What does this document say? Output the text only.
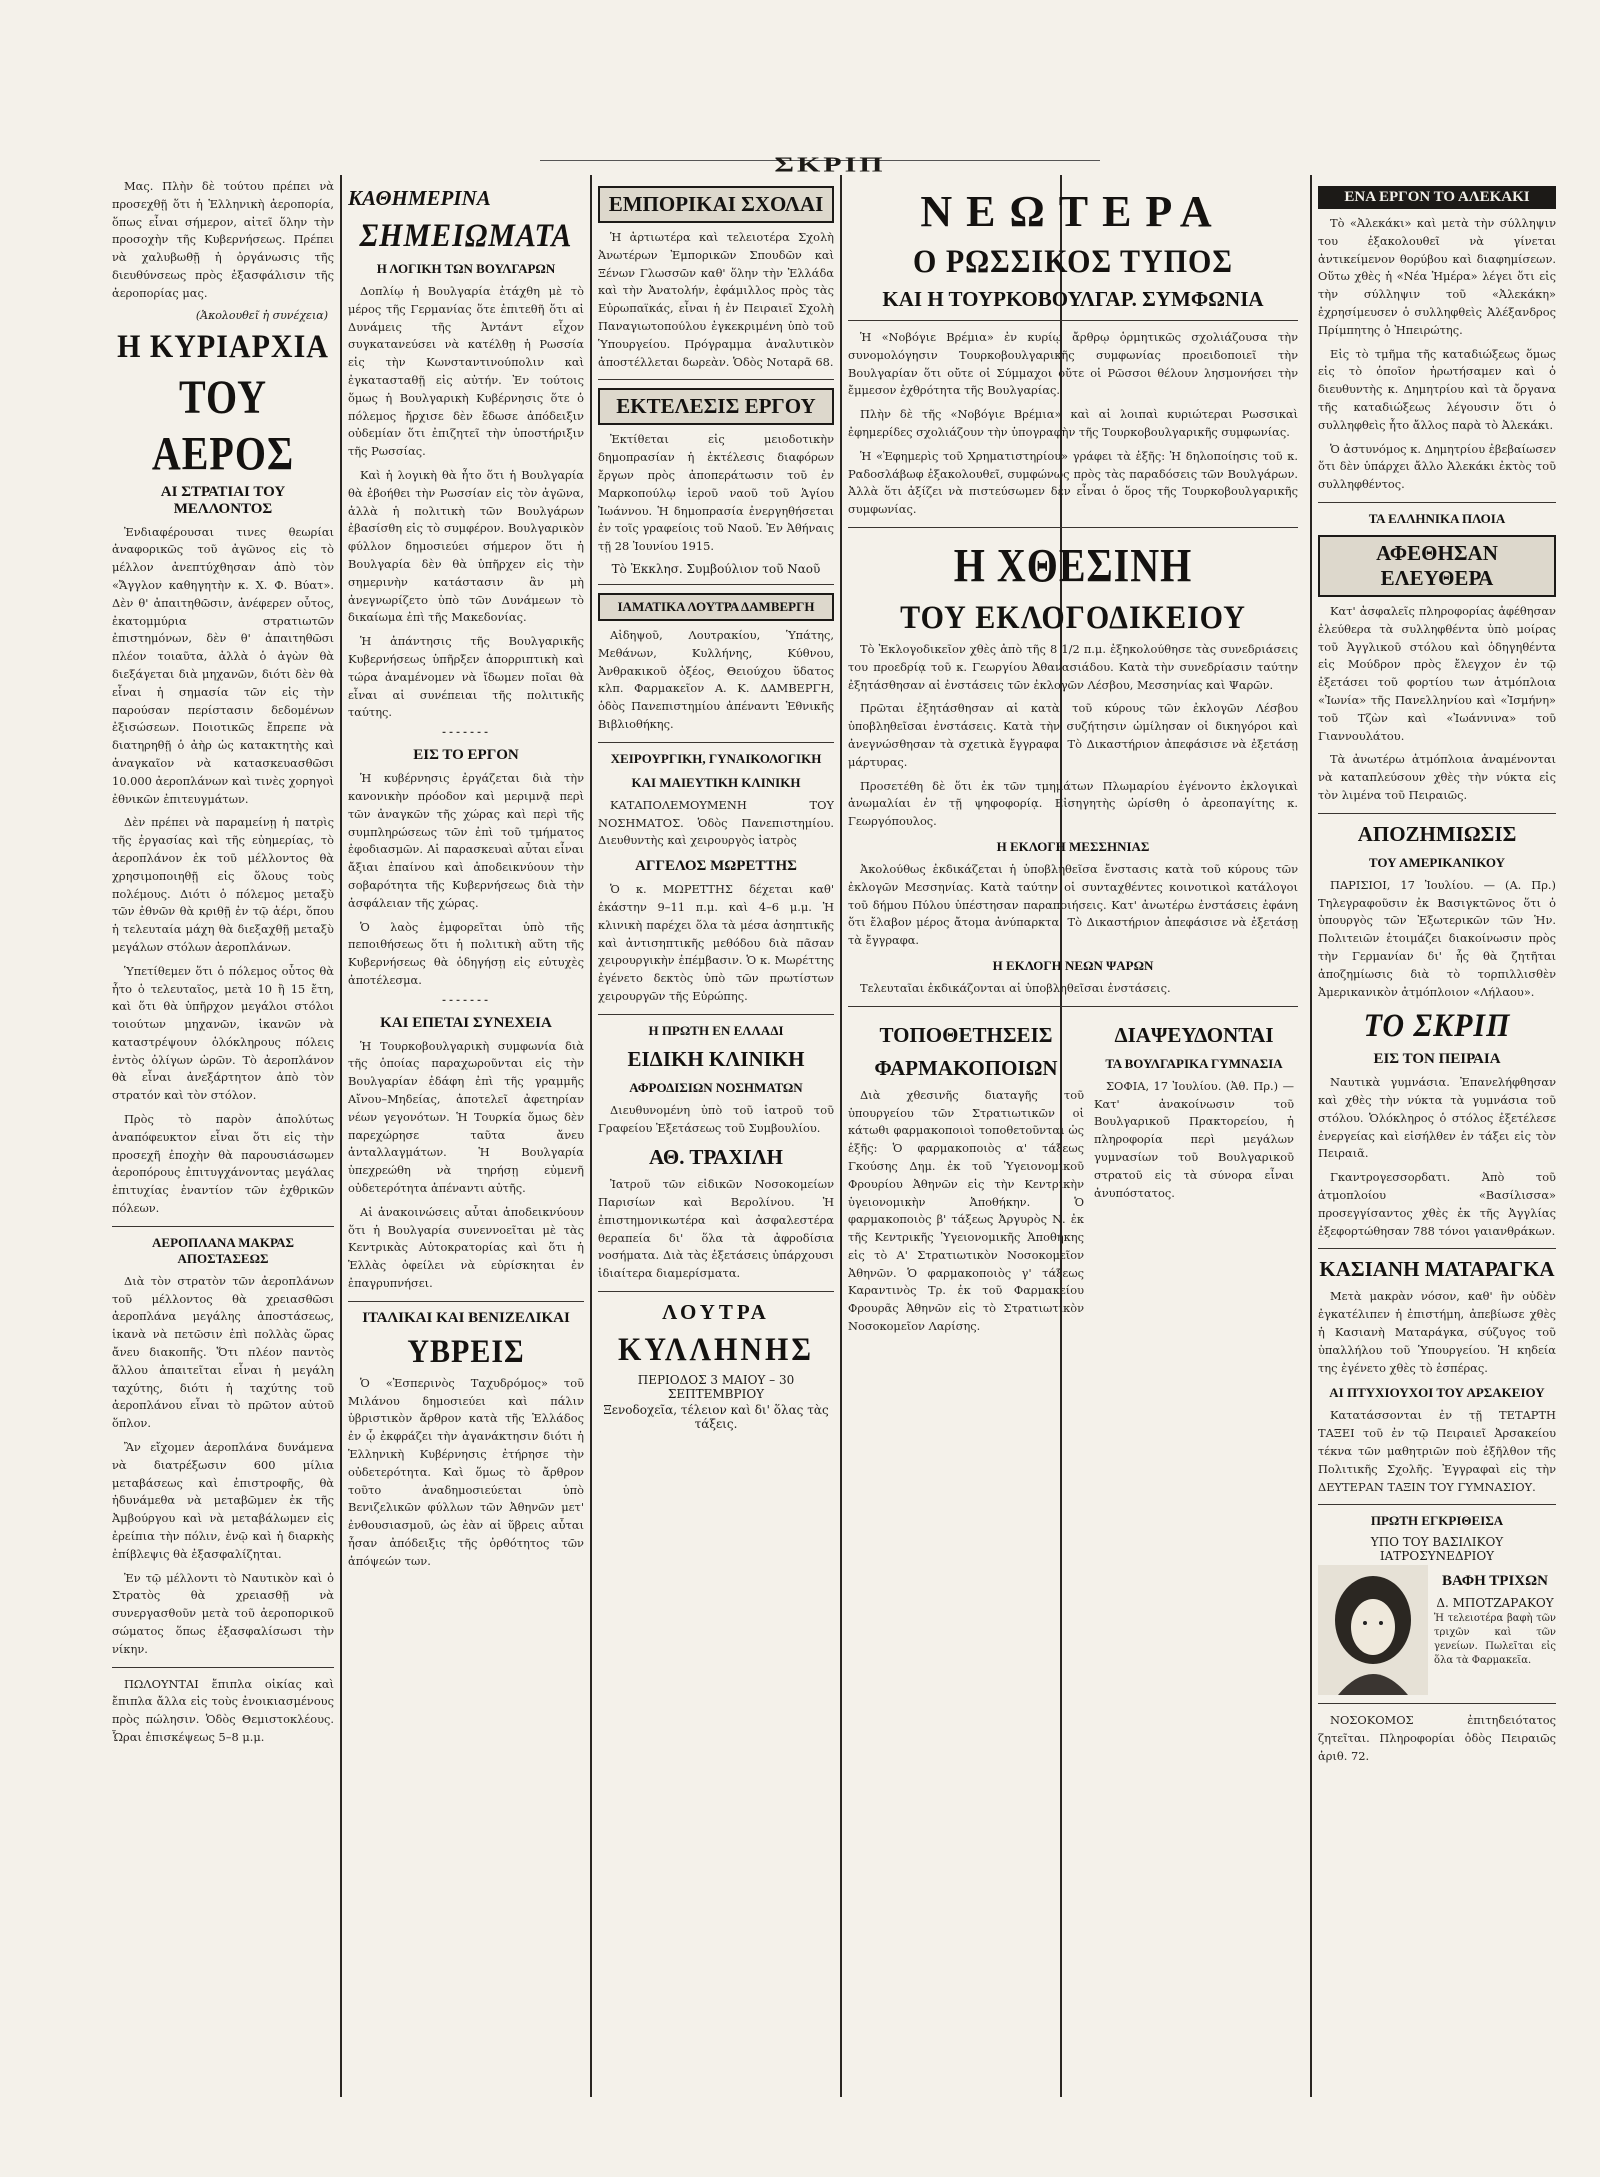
ΣΚΡΙΠ

Μας. Πλὴν δὲ τούτου πρέπει νὰ προσεχθῇ ὅτι ἡ Ἑλληνικὴ ἀεροπορία, ὅπως εἶναι σήμερον, αἰτεῖ ὅλην τὴν προσοχὴν τῆς Κυβερνήσεως. Πρέπει νὰ χαλυβωθῇ ἡ ὀργάνωσις τῆς διευθύνσεως πρὸς ἐξασφάλισιν τῆς ἀεροπορίας μας.

(Ἀκολουθεῖ ἡ συνέχεια)
Η ΚΥΡΙΑΡΧΙΑ
ΤΟΥ ΑΕΡΟΣ
ΑΙ ΣΤΡΑΤΙΑΙ ΤΟΥ ΜΕΛΛΟΝΤΟΣ

Ἐνδιαφέρουσαι τινες θεωρίαι ἀναφορικῶς τοῦ ἀγῶνος εἰς τὸ μέλλον ἀνεπτύχθησαν ἀπὸ τὸν «Ἄγγλον καθηγητὴν κ. Χ. Φ. Βύατ». Δὲν θ' ἀπαιτηθῶσιν, ἀνέφερεν οὗτος, ἐκατομμύρια στρατιωτῶν ἐπιστημόνων, δὲν θ' ἀπαιτηθῶσι πλέον τοιαῦτα, ἀλλὰ ὁ ἀγὼν θὰ διεξάγεται διὰ μηχανῶν, διότι δὲν θὰ εἶναι ἡ σημασία τῶν εἰς τὴν παρούσαν περίστασιν δεδομένων ἐξισώσεων. Ποιοτικῶς ἔπρεπε νὰ διατηρηθῇ ὁ ἀὴρ ὡς κατακτητὴς καὶ ἀναγκαῖον νὰ κατασκευασθῶσι 10.000 ἀεροπλάνων καὶ τινὲς χορηγοὶ ἐθνικῶν ἐπιτευγμάτων.

Δὲν πρέπει νὰ παραμείνῃ ἡ πατρὶς τῆς ἐργασίας καὶ τῆς εὐημερίας, τὸ ἀεροπλάνον ἐκ τοῦ μέλλοντος θὰ χρησιμοποιηθῇ εἰς ὅλους τοὺς πολέμους. Διότι ὁ πόλεμος μεταξὺ τῶν ἐθνῶν θὰ κριθῇ ἐν τῷ ἀέρι, ὅπου ἡ τελευταία μάχη θὰ διεξαχθῇ μεταξὺ μεγάλων στόλων ἀεροπλάνων.

Ὑπετίθεμεν ὅτι ὁ πόλεμος οὗτος θὰ ἦτο ὁ τελευταῖος, μετὰ 10 ἢ 15 ἔτη, καὶ ὅτι θὰ ὑπῆρχον μεγάλοι στόλοι τοιούτων μηχανῶν, ἱκανῶν νὰ καταστρέψουν ὁλόκληρους πόλεις ἐντὸς ὀλίγων ὡρῶν. Τὸ ἀεροπλάνον θὰ εἶναι ἀνεξάρτητον ἀπὸ τὸν στρατόν καὶ τὸν στόλον.

Πρὸς τὸ παρὸν ἀπολύτως ἀναπόφευκτον εἶναι ὅτι εἰς τὴν προσεχῆ ἐποχὴν θὰ παρουσιάσωμεν ἀεροπόρους ἐπιτυγχάνοντας μεγάλας ἐπιτυχίας ἐναντίον τῶν ἐχθρικῶν πόλεων.

ΑΕΡΟΠΛΑΝΑ ΜΑΚΡΑΣ ΑΠΟΣΤΑΣΕΩΣ

Διὰ τὸν στρατὸν τῶν ἀεροπλάνων τοῦ μέλλοντος θὰ χρειασθῶσι ἀεροπλάνα μεγάλης ἀποστάσεως, ἱκανὰ νὰ πετῶσιν ἐπὶ πολλὰς ὥρας ἄνευ διακοπῆς. Ὅτι πλέον παντὸς ἄλλου ἀπαιτεῖται εἶναι ἡ μεγάλη ταχύτης, διότι ἡ ταχύτης τοῦ ἀεροπλάνου εἶναι τὸ πρῶτον αὐτοῦ ὅπλον.

Ἂν εἴχομεν ἀεροπλάνα δυνάμενα νὰ διατρέξωσιν 600 μίλια μεταβάσεως καὶ ἐπιστροφῆς, θὰ ἠδυνάμεθα νὰ μεταβῶμεν ἐκ τῆς Ἀμβούργου καὶ νὰ μεταβάλωμεν εἰς ἐρείπια τὴν πόλιν, ἐνῷ καὶ ἡ διαρκὴς ἐπίβλεψις θὰ ἐξασφαλίζηται.

Ἐν τῷ μέλλοντι τὸ Ναυτικὸν καὶ ὁ Στρατὸς θὰ χρειασθῇ νὰ συνεργασθοῦν μετὰ τοῦ ἀεροπορικοῦ σώματος ὅπως ἐξασφαλίσωσι τὴν νίκην.

ΠΩΛΟΥΝΤΑΙ ἔπιπλα οἰκίας καὶ ἔπιπλα ἄλλα εἰς τοὺς ἐνοικιασμένους πρὸς πώλησιν. Ὁδὸς Θεμιστοκλέους. Ὧραι ἐπισκέψεως 5–8 μ.μ.

ΚΑΘΗΜΕΡΙΝΑ
ΣΗΜΕΙΩΜΑΤΑ
Η ΛΟΓΙΚΗ ΤΩΝ ΒΟΥΛΓΑΡΩΝ

Δοπλίῳ ἡ Βουλγαρία ἐτάχθη μὲ τὸ μέρος τῆς Γερμανίας ὅτε ἐπιτεθῆ ὅτι αἱ Δυνάμεις τῆς Ἀντάντ εἶχον συγκατανεύσει νὰ κατέλθῃ ἡ Ρωσσία εἰς τὴν Κωνσταντινούπολιν καὶ ἐγκατασταθῇ εἰς αὐτήν. Ἐν τούτοις ὅμως ἡ Βουλγαρικὴ Κυβέρνησις ὅτε ὁ πόλεμος ἤρχισε δὲν ἔδωσε ἀπόδειξιν οὐδεμίαν ὅτι ἐπιζητεῖ τὴν ὑποστήριξιν τῆς Ρωσσίας.

Καὶ ἡ λογικὴ θὰ ἦτο ὅτι ἡ Βουλγαρία θὰ ἐβοήθει τὴν Ρωσσίαν εἰς τὸν ἀγῶνα, ἀλλὰ ἡ πολιτικὴ τῶν Βουλγάρων ἐβασίσθη εἰς τὸ συμφέρον. Βουλγαρικὸν φύλλον δημοσιεύει σήμερον ὅτι ἡ Βουλγαρία δὲν θὰ ὑπῆρχεν εἰς τὴν σημερινὴν κατάστασιν ἂν μὴ ἀνεγνωρίζετο ὑπὸ τῶν Δυνάμεων τὸ δικαίωμα ἐπὶ τῆς Μακεδονίας.

Ἡ ἀπάντησις τῆς Βουλγαρικῆς Κυβερνήσεως ὑπῆρξεν ἀπορριπτικὴ καὶ τώρα ἀναμένομεν νὰ ἴδωμεν ποῖαι θὰ εἶναι αἱ συνέπειαι τῆς πολιτικῆς ταύτης.

⁃⁃⁃⁃⁃⁃⁃
ΕΙΣ ΤΟ ΕΡΓΟΝ

Ἡ κυβέρνησις ἐργάζεται διὰ τὴν κανονικὴν πρόοδον καὶ μεριμνᾷ περὶ τῶν ἀναγκῶν τῆς χώρας καὶ περὶ τῆς συμπληρώσεως τῶν ἐπὶ τοῦ τμήματος ἐφοδιασμῶν. Αἱ παρασκευαὶ αὗται εἶναι ἄξιαι ἐπαίνου καὶ ἀποδεικνύουν τὴν σοβαρότητα τῆς Κυβερνήσεως διὰ τὴν ἀσφάλειαν τῆς χώρας.

Ὁ λαὸς ἐμφορεῖται ὑπὸ τῆς πεποιθήσεως ὅτι ἡ πολιτικὴ αὕτη τῆς Κυβερνήσεως θὰ ὁδηγήσῃ εἰς εὐτυχὲς ἀποτέλεσμα.

⁃⁃⁃⁃⁃⁃⁃
ΚΑΙ ΕΠΕΤΑΙ ΣΥΝΕΧΕΙΑ

Ἡ Τουρκοβουλγαρικὴ συμφωνία διὰ τῆς ὁποίας παραχωροῦνται εἰς τὴν Βουλγαρίαν ἐδάφη ἐπὶ τῆς γραμμῆς Αἴνου–Μηδείας, ἀποτελεῖ ἀφετηρίαν νέων γεγονότων. Ἡ Τουρκία ὅμως δὲν παρεχώρησε ταῦτα ἄνευ ἀνταλλαγμάτων. Ἡ Βουλγαρία ὑπεχρεώθη νὰ τηρήσῃ εὐμενῆ οὐδετερότητα ἀπέναντι αὐτῆς.

Αἱ ἀνακοινώσεις αὗται ἀποδεικνύουν ὅτι ἡ Βουλγαρία συνεννοεῖται μὲ τὰς Κεντρικὰς Αὐτοκρατορίας καὶ ὅτι ἡ Ἑλλὰς ὀφείλει νὰ εὑρίσκηται ἐν ἐπαγρυπνήσει.

ΙΤΑΛΙΚΑΙ ΚΑΙ ΒΕΝΙΖΕΛΙΚΑΙ
ΥΒΡΕΙΣ

Ὁ «Ἑσπερινὸς Ταχυδρόμος» τοῦ Μιλάνου δημοσιεύει καὶ πάλιν ὑβριστικὸν ἄρθρον κατὰ τῆς Ἑλλάδος ἐν ᾧ ἐκφράζει τὴν ἀγανάκτησιν διότι ἡ Ἑλληνικὴ Κυβέρνησις ἐτήρησε τὴν οὐδετερότητα. Καὶ ὅμως τὸ ἄρθρον τοῦτο ἀναδημοσιεύεται ὑπὸ Βενιζελικῶν φύλλων τῶν Ἀθηνῶν μετ' ἐνθουσιασμοῦ, ὡς ἐὰν αἱ ὕβρεις αὗται ἦσαν ἀπόδειξις τῆς ὀρθότητος τῶν ἀπόψεών των.

ΕΜΠΟΡΙΚΑΙ ΣΧΟΛΑΙ

Ἡ ἀρτιωτέρα καὶ τελειοτέρα Σχολὴ Ἀνωτέρων Ἐμπορικῶν Σπουδῶν καὶ Ξένων Γλωσσῶν καθ' ὅλην τὴν Ἑλλάδα καὶ τὴν Ἀνατολήν, ἐφάμιλλος πρὸς τὰς Εὐρωπαϊκάς, εἶναι ἡ ἐν Πειραιεῖ Σχολὴ Παναγιωτοπούλου ἐγκεκριμένη ὑπὸ τοῦ Ὑπουργείου. Πρόγραμμα ἀναλυτικὸν ἀποστέλλεται δωρεὰν. Ὁδὸς Νοταρᾶ 68.

ΕΚΤΕΛΕΣΙΣ ΕΡΓΟΥ

Ἐκτίθεται εἰς μειοδοτικὴν δημοπρασίαν ἡ ἐκτέλεσις διαφόρων ἔργων πρὸς ἀποπεράτωσιν τοῦ ἐν Μαρκοπούλῳ ἱεροῦ ναοῦ τοῦ Ἁγίου Ἰωάννου. Ἡ δημοπρασία ἐνεργηθήσεται ἐν τοῖς γραφείοις τοῦ Ναοῦ. Ἐν Ἀθήναις τῇ 28 Ἰουνίου 1915.

Τὸ Ἐκκλησ. Συμβούλιον τοῦ Ναοῦ
ΙΑΜΑΤΙΚΑ ΛΟΥΤΡΑ ΔΑΜΒΕΡΓΗ

Αἰδηψοῦ, Λουτρακίου, Ὑπάτης, Μεθάνων, Κυλλήνης, Κύθνου, Ἀνθρακικοῦ ὀξέος, Θειούχου ὕδατος κλπ. Φαρμακεῖον Α. Κ. ΔΑΜΒΕΡΓΗ, ὁδὸς Πανεπιστημίου ἀπέναντι Ἐθνικῆς Βιβλιοθήκης.

ΧΕΙΡΟΥΡΓΙΚΗ, ΓΥΝΑΙΚΟΛΟΓΙΚΗ
ΚΑΙ ΜΑΙΕΥΤΙΚΗ ΚΛΙΝΙΚΗ

ΚΑΤΑΠΟΛΕΜΟΥΜΕΝΗ ΤΟΥ ΝΟΣΗΜΑΤΟΣ. Ὁδὸς Πανεπιστημίου. Διευθυντὴς καὶ χειρουργὸς ἰατρὸς

ΑΓΓΕΛΟΣ ΜΩΡΕΤΤΗΣ

Ὁ κ. ΜΩΡΕΤΤΗΣ δέχεται καθ' ἑκάστην 9–11 π.μ. καὶ 4–6 μ.μ. Ἡ κλινικὴ παρέχει ὅλα τὰ μέσα ἀσηπτικῆς καὶ ἀντισηπτικῆς μεθόδου διὰ πᾶσαν χειρουργικὴν ἐπέμβασιν. Ὁ κ. Μωρέττης ἐγένετο δεκτὸς ὑπὸ τῶν πρωτίστων χειρουργῶν τῆς Εὐρώπης.

Η ΠΡΩΤΗ ΕΝ ΕΛΛΑΔΙ
ΕΙΔΙΚΗ ΚΛΙΝΙΚΗ
ΑΦΡΟΔΙΣΙΩΝ ΝΟΣΗΜΑΤΩΝ

Διευθυνομένη ὑπὸ τοῦ ἰατροῦ τοῦ Γραφείου Ἐξετάσεως τοῦ Συμβουλίου.

ΑΘ. ΤΡΑΧΙΛΗ

Ἰατροῦ τῶν εἰδικῶν Νοσοκομείων Παρισίων καὶ Βερολίνου. Ἡ ἐπιστημονικωτέρα καὶ ἀσφαλεστέρα θεραπεία δι' ὅλα τὰ ἀφροδίσια νοσήματα. Διὰ τὰς ἐξετάσεις ὑπάρχουσι ἰδιαίτερα διαμερίσματα.

ΛΟΥΤΡΑ
ΚΥΛΛΗΝΗΣ
ΠΕΡΙΟΔΟΣ 3 ΜΑΙΟΥ – 30 ΣΕΠΤΕΜΒΡΙΟΥ
Ξενοδοχεῖα, τέλειον καὶ δι' ὅλας τὰς τάξεις.
ΝΕΩΤΕΡΑ
Ο ΡΩΣΣΙΚΟΣ ΤΥΠΟΣ
ΚΑΙ Η ΤΟΥΡΚΟΒΟΥΛΓΑΡ. ΣΥΜΦΩΝΙΑ

Ἡ «Νοβόγιε Βρέμια» ἐν κυρίῳ ἄρθρῳ ὁρμητικῶς σχολιάζουσα τὴν συνομολόγησιν Τουρκοβουλγαρικῆς συμφωνίας προειδοποιεῖ τὴν Βουλγαρίαν ὅτι οὔτε οἱ Σύμμαχοι οὔτε οἱ Ρῶσσοι θέλουν λησμονήσει τὴν ἔμμεσον ἐχθρότητα τῆς Βουλγαρίας.

Πλὴν δὲ τῆς «Νοβόγιε Βρέμια» καὶ αἱ λοιπαὶ κυριώτεραι Ρωσσικαὶ ἐφημερίδες σχολιάζουν τὴν ὑπογραφὴν τῆς Τουρκοβουλγαρικῆς συμφωνίας.

Ἡ «Ἐφημερὶς τοῦ Χρηματιστηρίου» γράφει τὰ ἑξῆς: Ἡ δηλοποίησις τοῦ κ. Ραδοσλάβωφ ἐξακολουθεῖ, συμφώνως πρὸς τὰς παραδόσεις τῶν Βουλγάρων. Ἀλλὰ ὅτι ἀξίζει νὰ πιστεύσωμεν δὲν εἶναι ὁ ὅρος τῆς Τουρκοβουλγαρικῆς συμφωνίας.

Η ΧΘΕΣΙΝΗ
ΤΟΥ ΕΚΛΟΓΟΔΙΚΕΙΟΥ

Τὸ Ἐκλογοδικεῖον χθὲς ἀπὸ τῆς 8 1/2 π.μ. ἐξηκολούθησε τὰς συνεδριάσεις του προεδρίᾳ τοῦ κ. Γεωργίου Ἀθανασιάδου. Κατὰ τὴν συνεδρίασιν ταύτην ἐξητάσθησαν αἱ ἐνστάσεις τῶν ἐκλογῶν Λέσβου, Μεσσηνίας καὶ Ψαρῶν.

Πρῶται ἐξητάσθησαν αἱ κατὰ τοῦ κύρους τῶν ἐκλογῶν Λέσβου ὑποβληθεῖσαι ἐνστάσεις. Κατὰ τὴν συζήτησιν ὡμίλησαν οἱ δικηγόροι καὶ ἀνεγνώσθησαν τὰ σχετικὰ ἔγγραφα. Τὸ Δικαστήριον ἀπεφάσισε νὰ ἐξετάσῃ μάρτυρας.

Προσετέθη δὲ ὅτι ἐκ τῶν τμημάτων Πλωμαρίου ἐγένοντο ἐκλογικαὶ ἀνωμαλίαι ἐν τῇ ψηφοφορίᾳ. Εἰσηγητὴς ὡρίσθη ὁ ἀρεοπαγίτης κ. Γεωργόπουλος.

Η ΕΚΛΟΓΗ ΜΕΣΣΗΝΙΑΣ

Ἀκολούθως ἐκδικάζεται ἡ ὑποβληθεῖσα ἔνστασις κατὰ τοῦ κύρους τῶν ἐκλογῶν Μεσσηνίας. Κατὰ ταύτην οἱ συνταχθέντες κοινοτικοὶ κατάλογοι τοῦ δήμου Πύλου ὑπέστησαν παραποιήσεις. Κατ' ἀνωτέρω ἐνστάσεις ἐφάνη ὅτι ἔλαβον μέρος ἄτομα ἀνύπαρκτα. Τὸ Δικαστήριον ἀπεφάσισε νὰ ἐξετάσῃ τὰ ἔγγραφα.

Η ΕΚΛΟΓΗ ΝΕΩΝ ΨΑΡΩΝ

Τελευταῖαι ἐκδικάζονται αἱ ὑποβληθεῖσαι ἐνστάσεις.

ΤΟΠΟΘΕΤΗΣΕΙΣ
ΦΑΡΜΑΚΟΠΟΙΩΝ

Διὰ χθεσινῆς διαταγῆς τοῦ ὑπουργείου τῶν Στρατιωτικῶν οἱ κάτωθι φαρμακοποιοὶ τοποθετοῦνται ὡς ἑξῆς: Ὁ φαρμακοποιὸς α' τάξεως Γκούσης Δημ. ἐκ τοῦ Ὑγειονομικοῦ Φρουρίου Ἀθηνῶν εἰς τὴν Κεντρικὴν ὑγειονομικὴν Ἀποθήκην. Ὁ φαρμακοποιὸς β' τάξεως Ἀργυρὸς Ν. ἐκ τῆς Κεντρικῆς Ὑγειονομικῆς Ἀποθήκης εἰς τὸ Α' Στρατιωτικὸν Νοσοκομεῖον Ἀθηνῶν. Ὁ φαρμακοποιὸς γ' τάξεως Καραντινὸς Τρ. ἐκ τοῦ Φαρμακείου Φρουρᾶς Ἀθηνῶν εἰς τὸ Στρατιωτικὸν Νοσοκομεῖον Λαρίσης.

ΔΙΑΨΕΥΔΟΝΤΑΙ
ΤΑ ΒΟΥΛΓΑΡΙΚΑ ΓΥΜΝΑΣΙΑ

ΣΟΦΙΑ, 17 Ἰουλίου. (Ἀθ. Πρ.) — Κατ' ἀνακοίνωσιν τοῦ Βουλγαρικοῦ Πρακτορείου, ἡ πληροφορία περὶ μεγάλων γυμνασίων τοῦ Βουλγαρικοῦ στρατοῦ εἰς τὰ σύνορα εἶναι ἀνυπόστατος.

ΕΝΑ ΕΡΓΟΝ ΤΟ ΑΛΕΚΑΚΙ

Τὸ «Ἀλεκάκι» καὶ μετὰ τὴν σύλληψιν του ἐξακολουθεῖ νὰ γίνεται ἀντικείμενον θορύβου καὶ διαφημίσεων. Οὕτω χθὲς ἡ «Νέα Ἡμέρα» λέγει ὅτι εἰς τὴν σύλληψιν τοῦ «Ἀλεκάκη» ἐχρησίμευσεν ὁ συλληφθεὶς Ἀλέξανδρος Πρίμπητης ὁ Ἠπειρώτης.

Εἰς τὸ τμῆμα τῆς καταδιώξεως ὅμως εἰς τὸ ὁποῖον ἠρωτήσαμεν καὶ ὁ διευθυντὴς κ. Δημητρίου καὶ τὰ ὄργανα τῆς καταδιώξεως λέγουσιν ὅτι ὁ συλληφθεὶς ἦτο ἄλλος παρὰ τὸ Ἀλεκάκι.

Ὁ ἀστυνόμος κ. Δημητρίου ἐβεβαίωσεν ὅτι δὲν ὑπάρχει ἄλλο Ἀλεκάκι ἐκτὸς τοῦ συλληφθέντος.

ΤΑ ΕΛΛΗΝΙΚΑ ΠΛΟΙΑ
ΑΦΕΘΗΣΑΝ ΕΛΕΥΘΕΡΑ

Κατ' ἀσφαλεῖς πληροφορίας ἀφέθησαν ἐλεύθερα τὰ συλληφθέντα ὑπὸ μοίρας τοῦ Ἀγγλικοῦ στόλου καὶ ὁδηγηθέντα εἰς Μούδρον πρὸς ἔλεγχον ἐν τῷ ἐξετάσει τοῦ φορτίου των ἀτμόπλοια «Ἰωνία» τῆς Πανελληνίου καὶ «Ἰσμήνη» τοῦ Τζὼν καὶ «Ἰωάννινα» τοῦ Γιαννουλάτου.

Τὰ ἀνωτέρω ἀτμόπλοια ἀναμένονται νὰ καταπλεύσουν χθὲς τὴν νύκτα εἰς τὸν λιμένα τοῦ Πειραιῶς.

ΑΠΟΖΗΜΙΩΣΙΣ
ΤΟΥ ΑΜΕΡΙΚΑΝΙΚΟΥ

ΠΑΡΙΣΙΟΙ, 17 Ἰουλίου. — (Α. Πρ.) Τηλεγραφοῦσιν ἐκ Βασιγκτῶνος ὅτι ὁ ὑπουργὸς τῶν Ἐξωτερικῶν τῶν Ἡν. Πολιτειῶν ἑτοιμάζει διακοίνωσιν πρὸς τὴν Γερμανίαν δι' ἧς θὰ ζητῆται ἀποζημίωσις διὰ τὸ τορπιλλισθὲν Ἀμερικανικὸν ἀτμόπλοιον «Λήλαου».

ΤΟ ΣΚΡΙΠ
ΕΙΣ ΤΟΝ ΠΕΙΡΑΙΑ

Ναυτικὰ γυμνάσια. Ἐπανελήφθησαν καὶ χθὲς τὴν νύκτα τὰ γυμνάσια τοῦ στόλου. Ὁλόκληρος ὁ στόλος ἐξετέλεσε ἐνεργείας καὶ εἰσήλθεν ἐν τάξει εἰς τὸν Πειραιᾶ.

Γκαντρογεσσορδατι. Ἀπὸ τοῦ ἀτμοπλοίου «Βασίλισσα» προσεγγίσαντος χθὲς ἐκ τῆς Ἀγγλίας ἐξεφορτώθησαν 788 τόνοι γαιανθράκων.

ΚΑΣΙΑΝΗ ΜΑΤΑΡΑΓΚΑ

Μετὰ μακρὰν νόσον, καθ' ἣν οὐδὲν ἐγκατέλιπεν ἡ ἐπιστήμη, ἀπεβίωσε χθὲς ἡ Κασιανὴ Ματαράγκα, σύζυγος τοῦ ὑπαλλήλου τοῦ Ὑπουργείου. Ἡ κηδεία της ἐγένετο χθὲς τὸ ἑσπέρας.

ΑΙ ΠΤΥΧΙΟΥΧΟΙ ΤΟΥ ΑΡΣΑΚΕΙΟΥ

Κατατάσσονται ἐν τῇ ΤΕΤΑΡΤΗ ΤΑΞΕΙ τοῦ ἐν τῷ Πειραιεῖ Ἀρσακείου τέκνα τῶν μαθητριῶν ποὺ ἐξῆλθον τῆς Πολιτικῆς Σχολῆς. Ἐγγραφαὶ εἰς τὴν ΔΕΥΤΕΡΑΝ ΤΑΞΙΝ ΤΟΥ ΓΥΜΝΑΣΙΟΥ.

ΠΡΩΤΗ ΕΓΚΡΙΘΕΙΣΑ
ΥΠΟ ΤΟΥ ΒΑΣΙΛΙΚΟΥ ΙΑΤΡΟΣΥΝΕΔΡΙΟΥ
ΒΑΦΗ ΤΡΙΧΩΝ
Δ. ΜΠΟΤΖΑΡΑΚΟΥ

Ἡ τελειοτέρα βαφὴ τῶν τριχῶν καὶ τῶν γενείων. Πωλεῖται εἰς ὅλα τὰ Φαρμακεῖα.

ΝΟΣΟΚΟΜΟΣ ἐπιτηδειότατος ζητεῖται. Πληροφορίαι ὁδὸς Πειραιῶς ἀριθ. 72.
